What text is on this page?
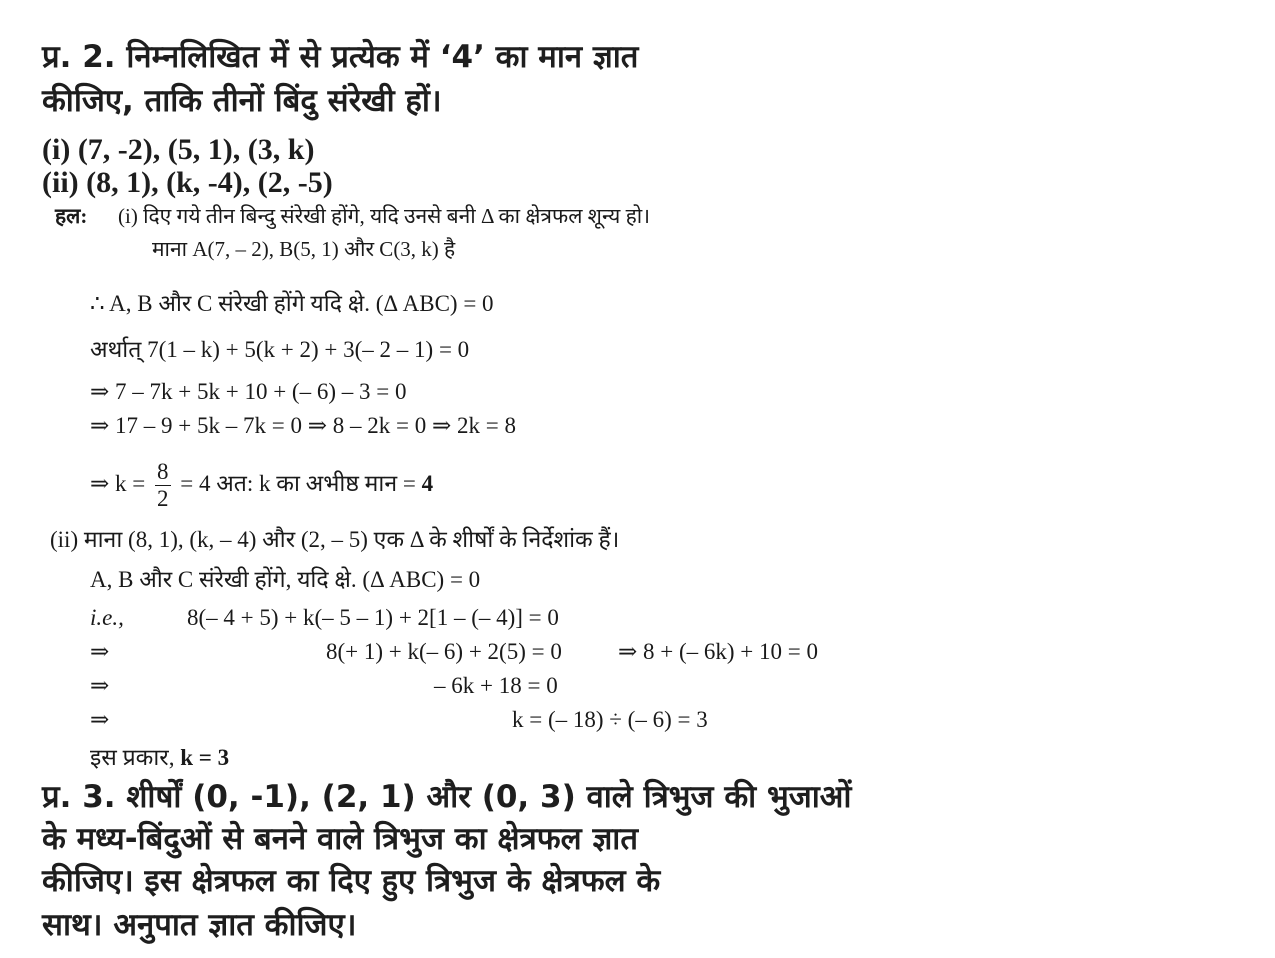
प्र. 2. निम्नलिखित में से प्रत्येक में ‘4’ का मान ज्ञात
कीजिए, ताकि तीनों बिंदु संरेखी हों।
(i) (7, -2), (5, 1), (3, k)
(ii) (8, 1), (k, -4), (2, -5)
हल: (i) दिए गये तीन बिन्दु संरेखी होंगे, यदि उनसे बनी Δ का क्षेत्रफल शून्य हो।
माना A(7, – 2), B(5, 1) और C(3, k) है
∴ A, B और C संरेखी होंगे यदि क्षे. (Δ ABC) = 0
अर्थात् 7(1 – k) + 5(k + 2) + 3(– 2 – 1) = 0
⇒ 7 – 7k + 5k + 10 + (– 6) – 3 = 0
⇒ 17 – 9 + 5k – 7k = 0 ⇒ 8 – 2k = 0 ⇒ 2k = 8
⇒ $k = \frac{8}{2} = 4$ अत: k का अभीष्ठ मान = 4
(ii) माना (8, 1), (k, – 4) और (2, – 5) एक Δ के शीर्षों के निर्देशांक हैं।
A, B और C संरेखी होंगे, यदि क्षे. (Δ ABC) = 0
i.e.,	8(– 4 + 5) + k(– 5 – 1) + 2[1 – (– 4)] = 0
⇒	8(+ 1) + k(– 6) + 2(5) = 0 ⇒ 8 + (– 6k) + 10 = 0
⇒	– 6k + 18 = 0
⇒	k = (– 18) ÷ (– 6) = 3
इस प्रकार, k = 3
प्र. 3. शीर्षों (0, -1), (2, 1) और (0, 3) वाले त्रिभुज की भुजाओं
के मध्य-बिंदुओं से बनने वाले त्रिभुज का क्षेत्रफल ज्ञात
कीजिए। इस क्षेत्रफल का दिए हुए त्रिभुज के क्षेत्रफल के
साथ। अनुपात ज्ञात कीजिए।
